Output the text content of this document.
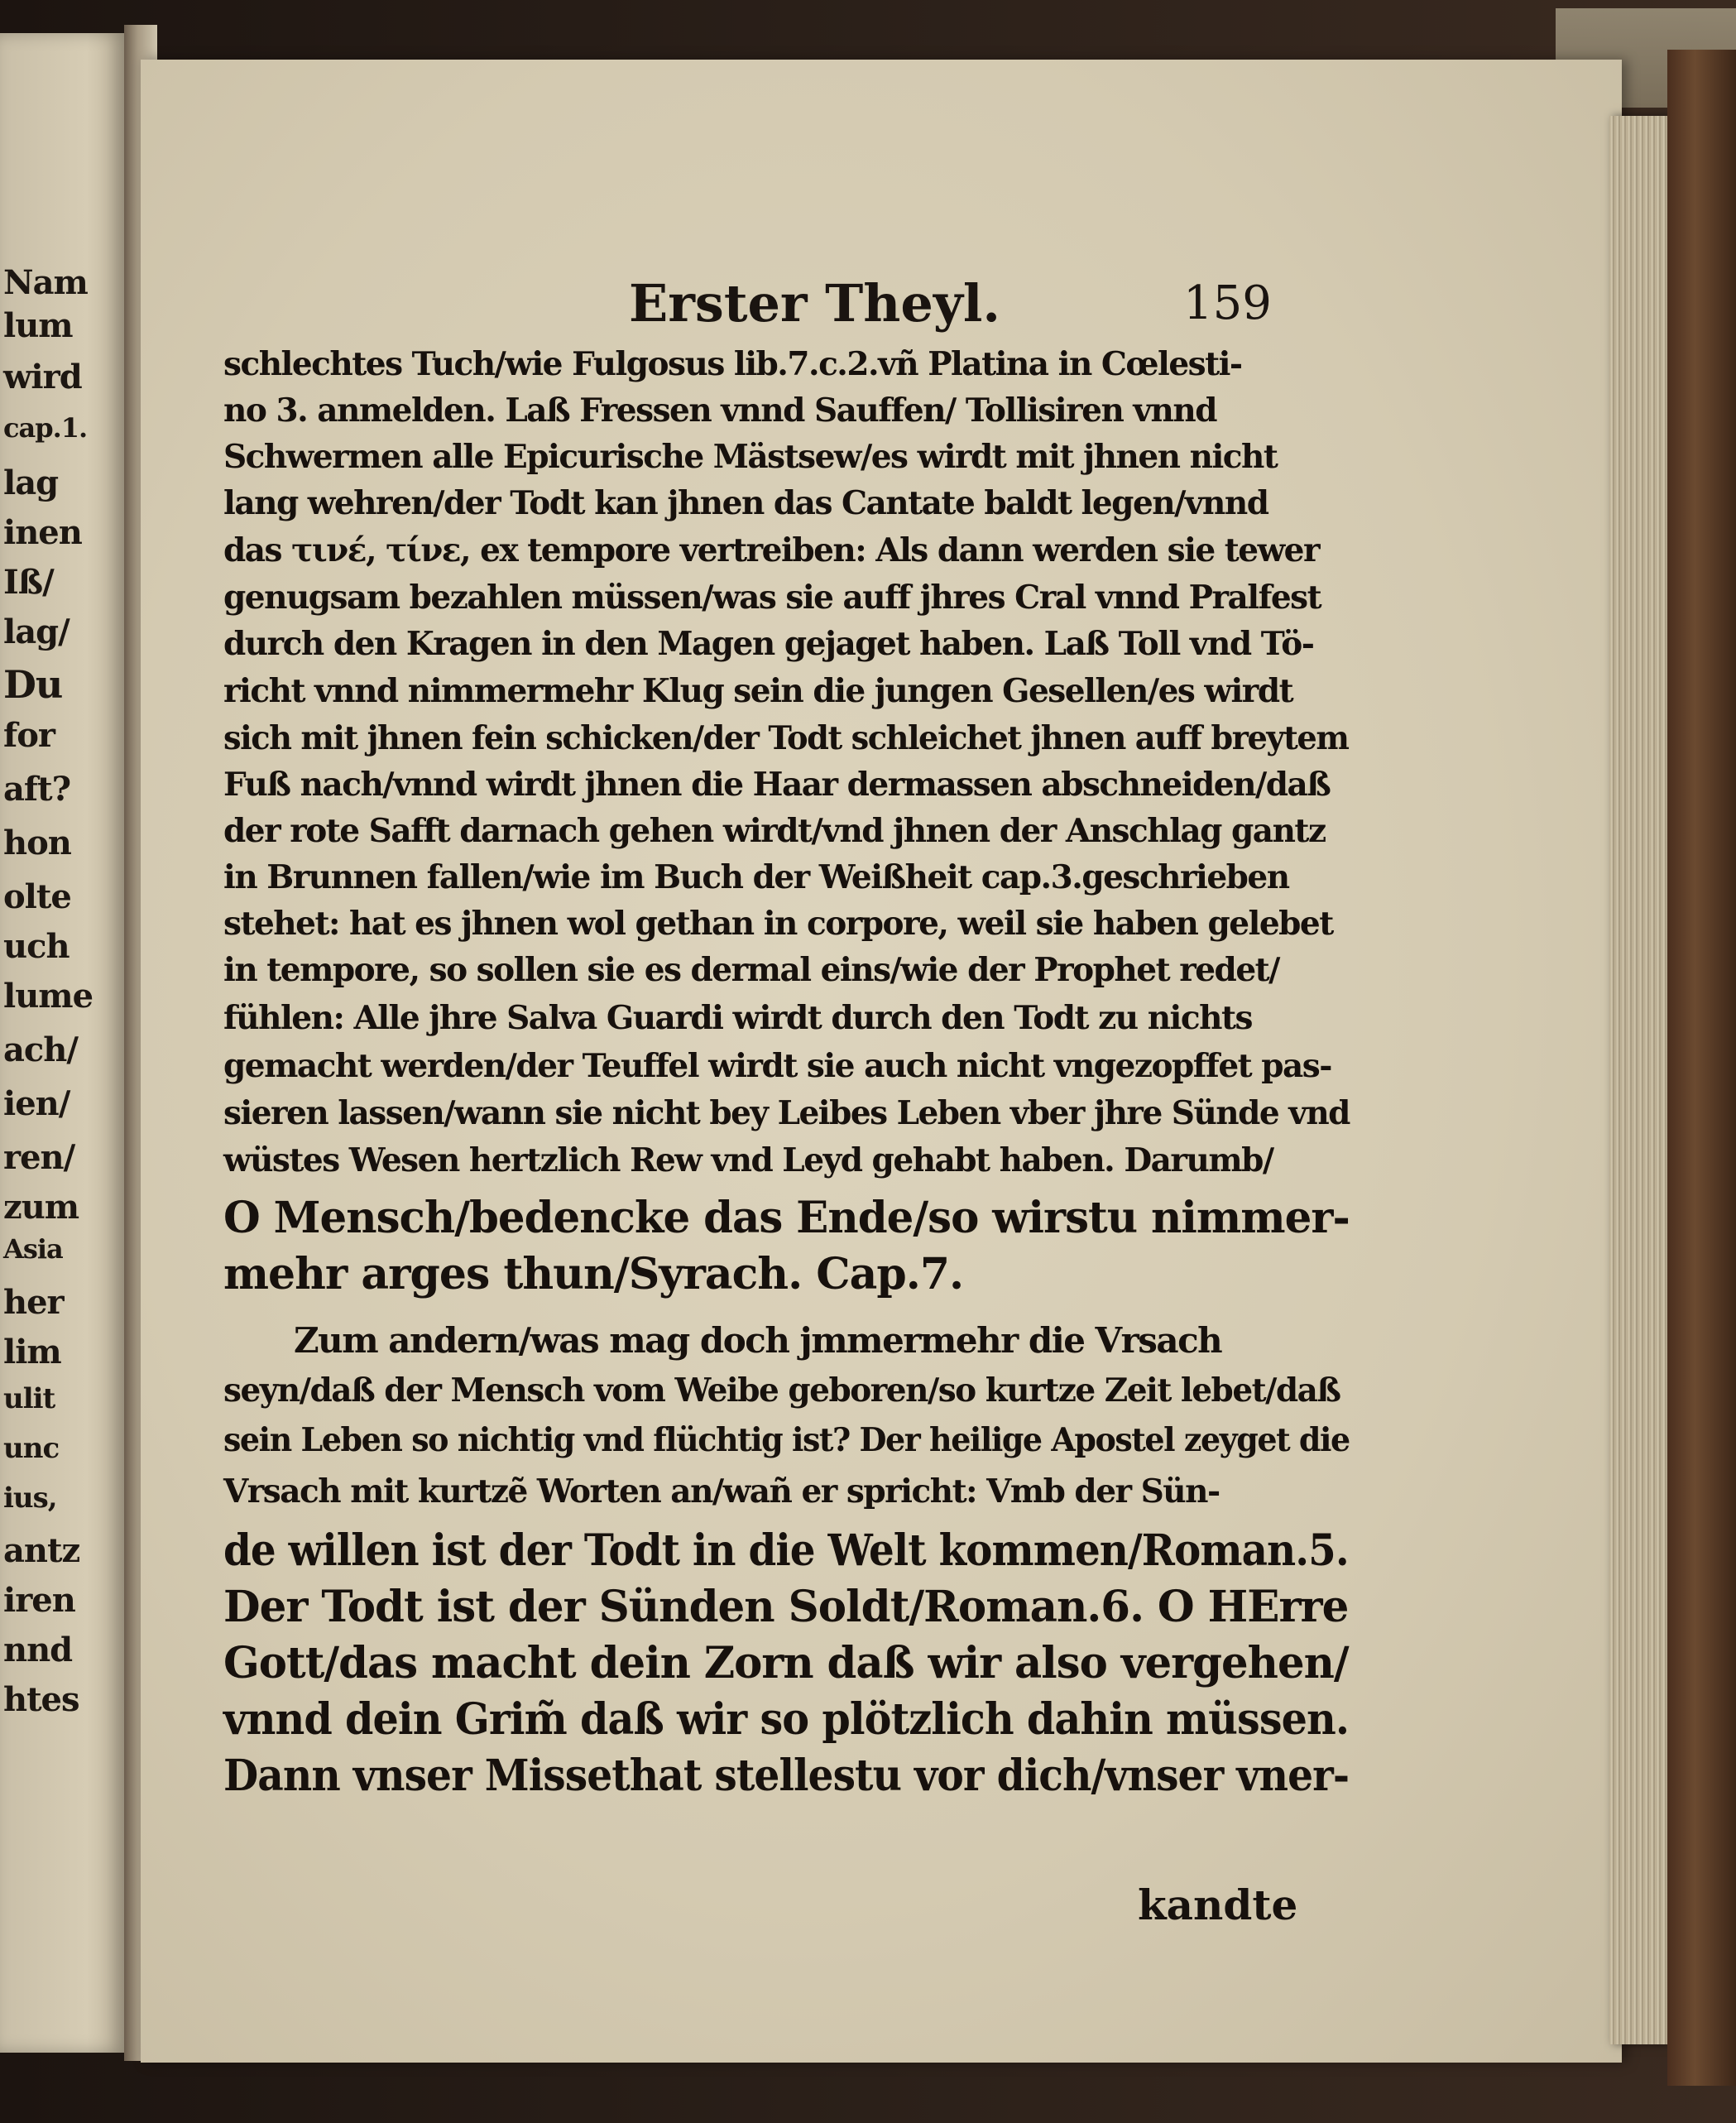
Nam
lum
wird
cap.1.
lag
inen
Iß/
lag/
Du
for
aft?
hon
olte
uch
lume
ach/
ien/
ren/
zum
Asia
her
lim
ulit
unc
ius,
antz
iren
nnd
htes
Erster Theyl.	159
schlechtes Tuch/wie Fulgosus lib.7.c.2.vñ Platina in Cœlesti-
no 3. anmelden. Laß Fressen vnnd Sauffen/ Tollisiren vnnd
Schwermen alle Epicurische Mästsew/es wirdt mit jhnen nicht
lang wehren/der Todt kan jhnen das Cantate baldt legen/vnnd
das τινέ, τίνε, ex tempore vertreiben: Als dann werden sie tewer
genugsam bezahlen müssen/was sie auff jhres Cral vnnd Pralfest
durch den Kragen in den Magen gejaget haben. Laß Toll vnd Tö-
richt vnnd nimmermehr Klug sein die jungen Gesellen/es wirdt
sich mit jhnen fein schicken/der Todt schleichet jhnen auff breytem
Fuß nach/vnnd wirdt jhnen die Haar dermassen abschneiden/daß
der rote Safft darnach gehen wirdt/vnd jhnen der Anschlag gantz
in Brunnen fallen/wie im Buch der Weißheit cap.3.geschrieben
stehet: hat es jhnen wol gethan in corpore, weil sie haben gelebet
in tempore, so sollen sie es dermal eins/wie der Prophet redet/
fühlen: Alle jhre Salva Guardi wirdt durch den Todt zu nichts
gemacht werden/der Teuffel wirdt sie auch nicht vngezopffet pas-
sieren lassen/wann sie nicht bey Leibes Leben vber jhre Sünde vnd
wüstes Wesen hertzlich Rew vnd Leyd gehabt haben. Darumb/
O Mensch/bedencke das Ende/so wirstu nimmer-
mehr arges thun/Syrach. Cap.7.
Zum andern/was mag doch jmmermehr die Vrsach
seyn/daß der Mensch vom Weibe geboren/so kurtze Zeit lebet/daß
sein Leben so nichtig vnd flüchtig ist? Der heilige Apostel zeyget die
Vrsach mit kurtzẽ Worten an/wañ er spricht: Vmb der Sün-
de willen ist der Todt in die Welt kommen/Roman.5.
Der Todt ist der Sünden Soldt/Roman.6. O HErre
Gott/das macht dein Zorn daß wir also vergehen/
vnnd dein Grim̃ daß wir so plötzlich dahin müssen.
Dann vnser Missethat stellestu vor dich/vnser vner-
kandte
